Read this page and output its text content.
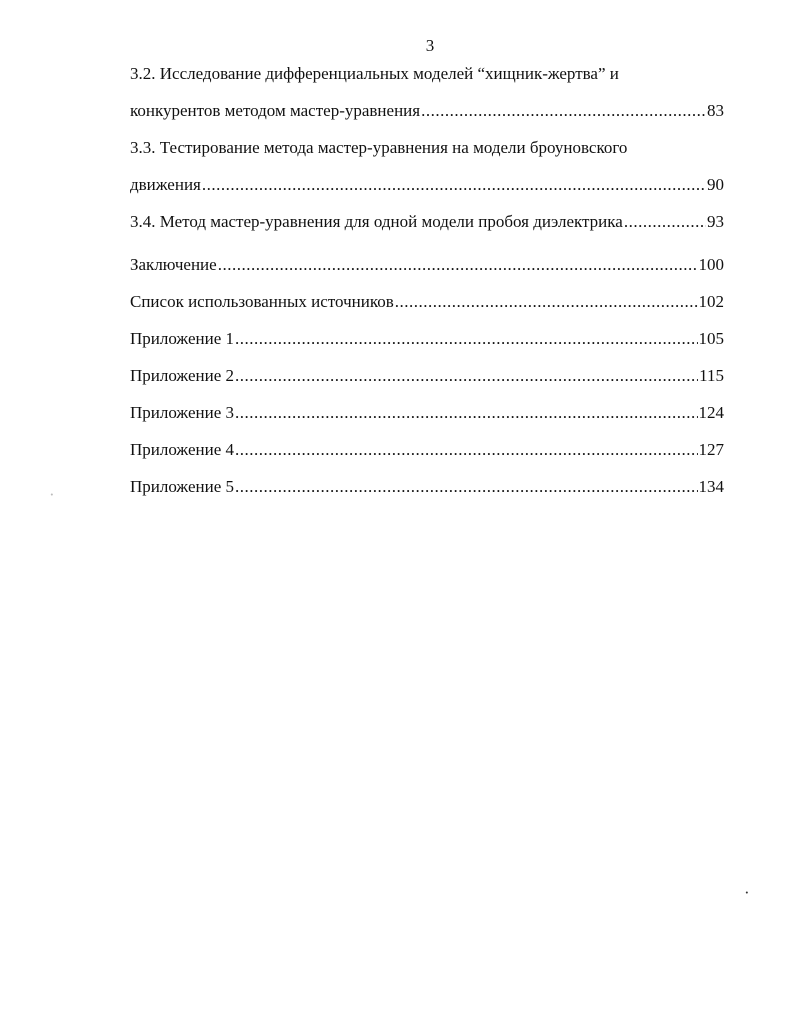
3
3.2. Исследование дифференциальных моделей “хищник-жертва” и
конкурентов методом мастер-уравнения .....	83
3.3. Тестирование метода мастер-уравнения на модели броуновского
движения .....	90
3.4. Метод мастер-уравнения для одной модели пробоя диэлектрика .....	93
Заключение .....	100
Список использованных источников .....	102
Приложение 1 .....	105
Приложение 2 .....	115
Приложение 3 .....	124
Приложение 4 .....	127
Приложение 5 .....	134
·
·
